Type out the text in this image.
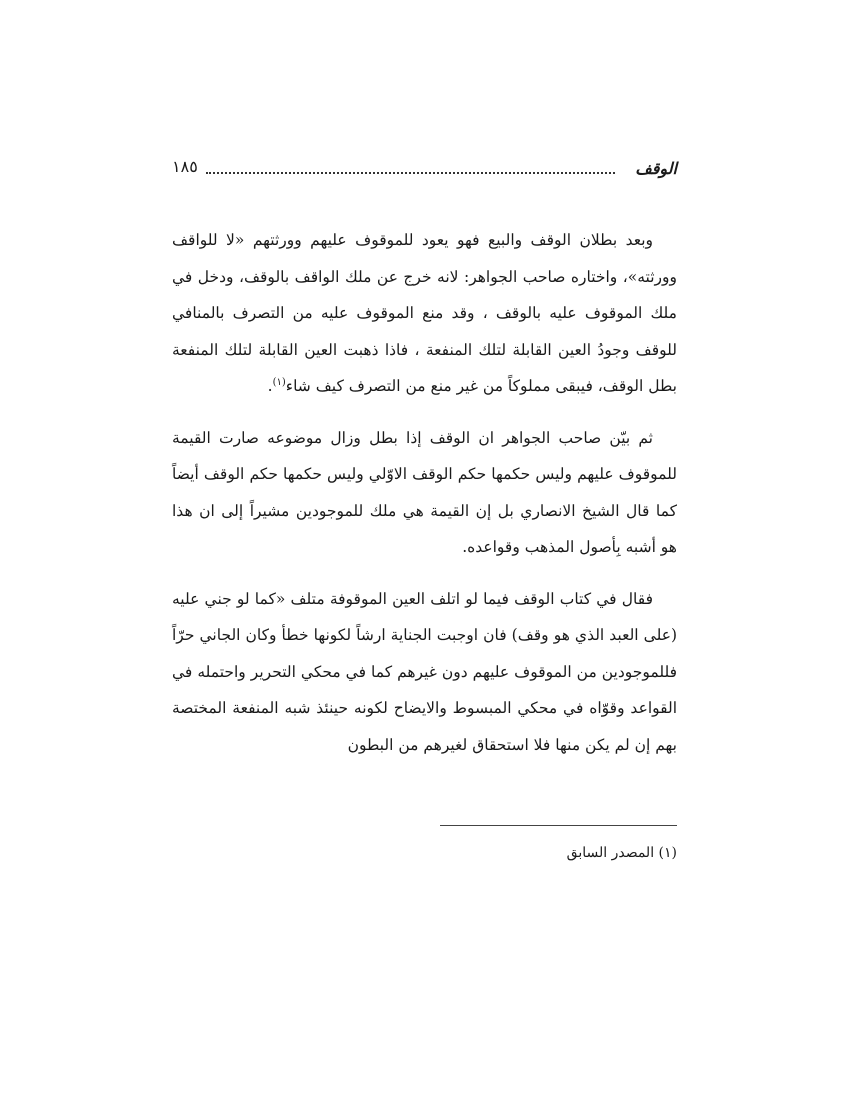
١٨٥	الوقف

وبعد بطلان الوقف والبيع فهو يعود للموقوف عليهم وورثتهم «لا للواقف وورثته»، واختاره صاحب الجواهر: لانه خرج عن ملك الواقف بالوقف، ودخل في ملك الموقوف عليه بالوقف ، وقد منع الموقوف عليه من التصرف بالمنافي للوقف وجودُ العين القابلة لتلك المنفعة ، فاذا ذهبت العين القابلة لتلك المنفعة بطل الوقف، فيبقى مملوكاً من غير منع من التصرف كيف شاء$^{(١)}$.

ثم بيّن صاحب الجواهر ان الوقف إذا بطل وزال موضوعه صارت القيمة للموقوف عليهم وليس حكمها حكم الوقف الاوّلي وليس حكمها حكم الوقف أيضاً كما قال الشيخ الانصاري بل إن القيمة هي ملك للموجودين مشيراً إلى ان هذا هو أشبه بِأصول المذهب وقواعده.

فقال في كتاب الوقف فيما لو اتلف العين الموقوفة متلف «كما لو جني عليه (على العبد الذي هو وقف) فان اوجبت الجناية ارشاً لكونها خطأ وكان الجاني حرّاً فللموجودين من الموقوف عليهم دون غيرهم كما في محكي التحرير واحتمله في القواعد وقوّاه في محكي المبسوط والايضاح لكونه حينئذ شبه المنفعة المختصة بهم إن لم يكن منها فلا استحقاق لغيرهم من البطون

(١) المصدر السابق
